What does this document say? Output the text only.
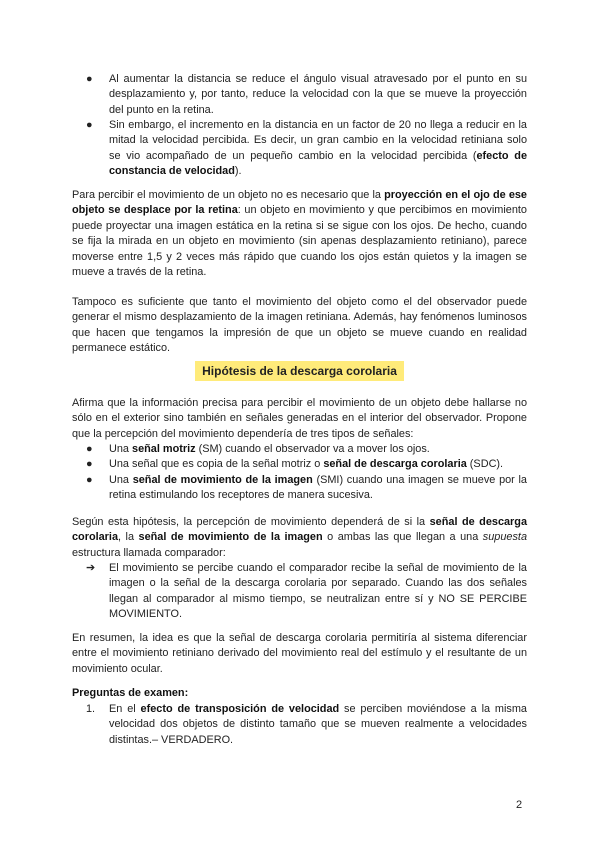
●	Al aumentar la distancia se reduce el ángulo visual atravesado por el punto en su desplazamiento y, por tanto, reduce la velocidad con la que se mueve la proyección del punto en la retina.
●	Sin embargo, el incremento en la distancia en un factor de 20 no llega a reducir en la mitad la velocidad percibida. Es decir, un gran cambio en la velocidad retiniana solo se vio acompañado de un pequeño cambio en la velocidad percibida (efecto de constancia de velocidad).
Para percibir el movimiento de un objeto no es necesario que la proyección en el ojo de ese objeto se desplace por la retina: un objeto en movimiento y que percibimos en movimiento puede proyectar una imagen estática en la retina si se sigue con los ojos. De hecho, cuando se fija la mirada en un objeto en movimiento (sin apenas desplazamiento retiniano), parece moverse entre 1,5 y 2 veces más rápido que cuando los ojos están quietos y la imagen se mueve a través de la retina.
Tampoco es suficiente que tanto el movimiento del objeto como el del observador puede generar el mismo desplazamiento de la imagen retiniana. Además, hay fenómenos luminosos que hacen que tengamos la impresión de que un objeto se mueve cuando en realidad permanece estático.
Hipótesis de la descarga corolaria
Afirma que la información precisa para percibir el movimiento de un objeto debe hallarse no sólo en el exterior sino también en señales generadas en el interior del observador. Propone que la percepción del movimiento dependería de tres tipos de señales:
●	Una señal motriz (SM) cuando el observador va a mover los ojos.
●	Una señal que es copia de la señal motriz o señal de descarga corolaria (SDC).
●	Una señal de movimiento de la imagen (SMI) cuando una imagen se mueve por la retina estimulando los receptores de manera sucesiva.
Según esta hipótesis, la percepción de movimiento dependerá de si la señal de descarga corolaria, la señal de movimiento de la imagen o ambas las que llegan a una supuesta estructura llamada comparador:
➔	El movimiento se percibe cuando el comparador recibe la señal de movimiento de la imagen o la señal de la descarga corolaria por separado. Cuando las dos señales llegan al comparador al mismo tiempo, se neutralizan entre sí y NO SE PERCIBE MOVIMIENTO.
En resumen, la idea es que la señal de descarga corolaria permitiría al sistema diferenciar entre el movimiento retiniano derivado del movimiento real del estímulo y el resultante de un movimiento ocular.
Preguntas de examen:
1.	En el efecto de transposición de velocidad se perciben moviéndose a la misma velocidad dos objetos de distinto tamaño que se mueven realmente a velocidades distintas.– VERDADERO.
2
